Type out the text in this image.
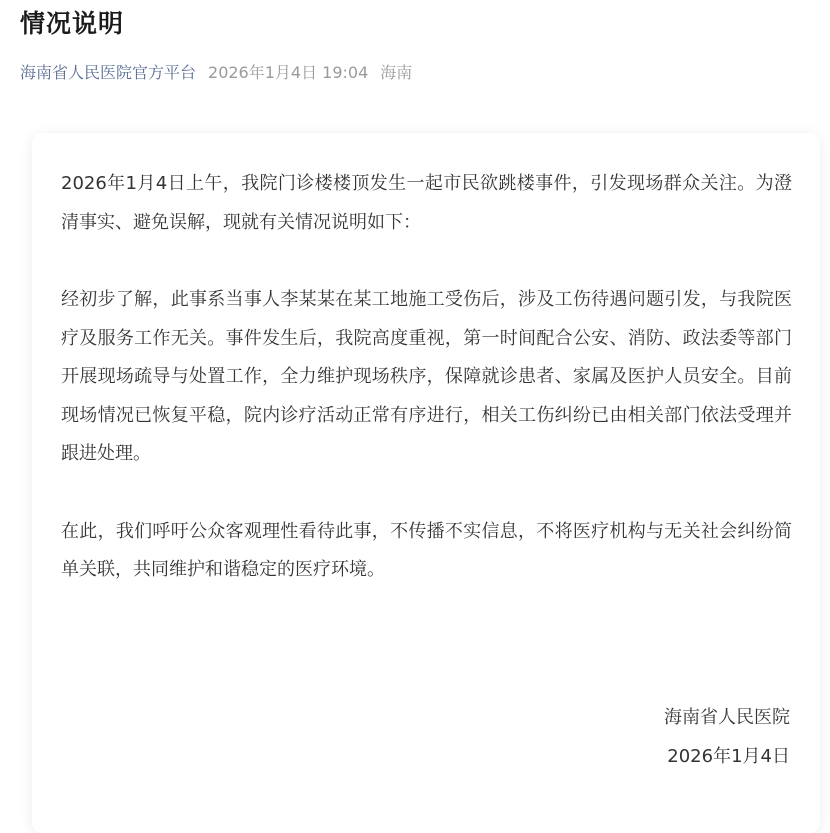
情况说明
海南省人民医院官方平台 2026年1月4日 19:04 海南

2026年1月4日上午，我院门诊楼楼顶发生一起市民欲跳楼事件，引发现场群众关注。为澄清事实、避免误解，现就有关情况说明如下：

经初步了解，此事系当事人李某某在某工地施工受伤后，涉及工伤待遇问题引发，与我院医疗及服务工作无关。事件发生后，我院高度重视，第一时间配合公安、消防、政法委等部门开展现场疏导与处置工作，全力维护现场秩序，保障就诊患者、家属及医护人员安全。目前现场情况已恢复平稳，院内诊疗活动正常有序进行，相关工伤纠纷已由相关部门依法受理并跟进处理。

在此，我们呼吁公众客观理性看待此事，不传播不实信息，不将医疗机构与无关社会纠纷简单关联，共同维护和谐稳定的医疗环境。

海南省人民医院
2026年1月4日
